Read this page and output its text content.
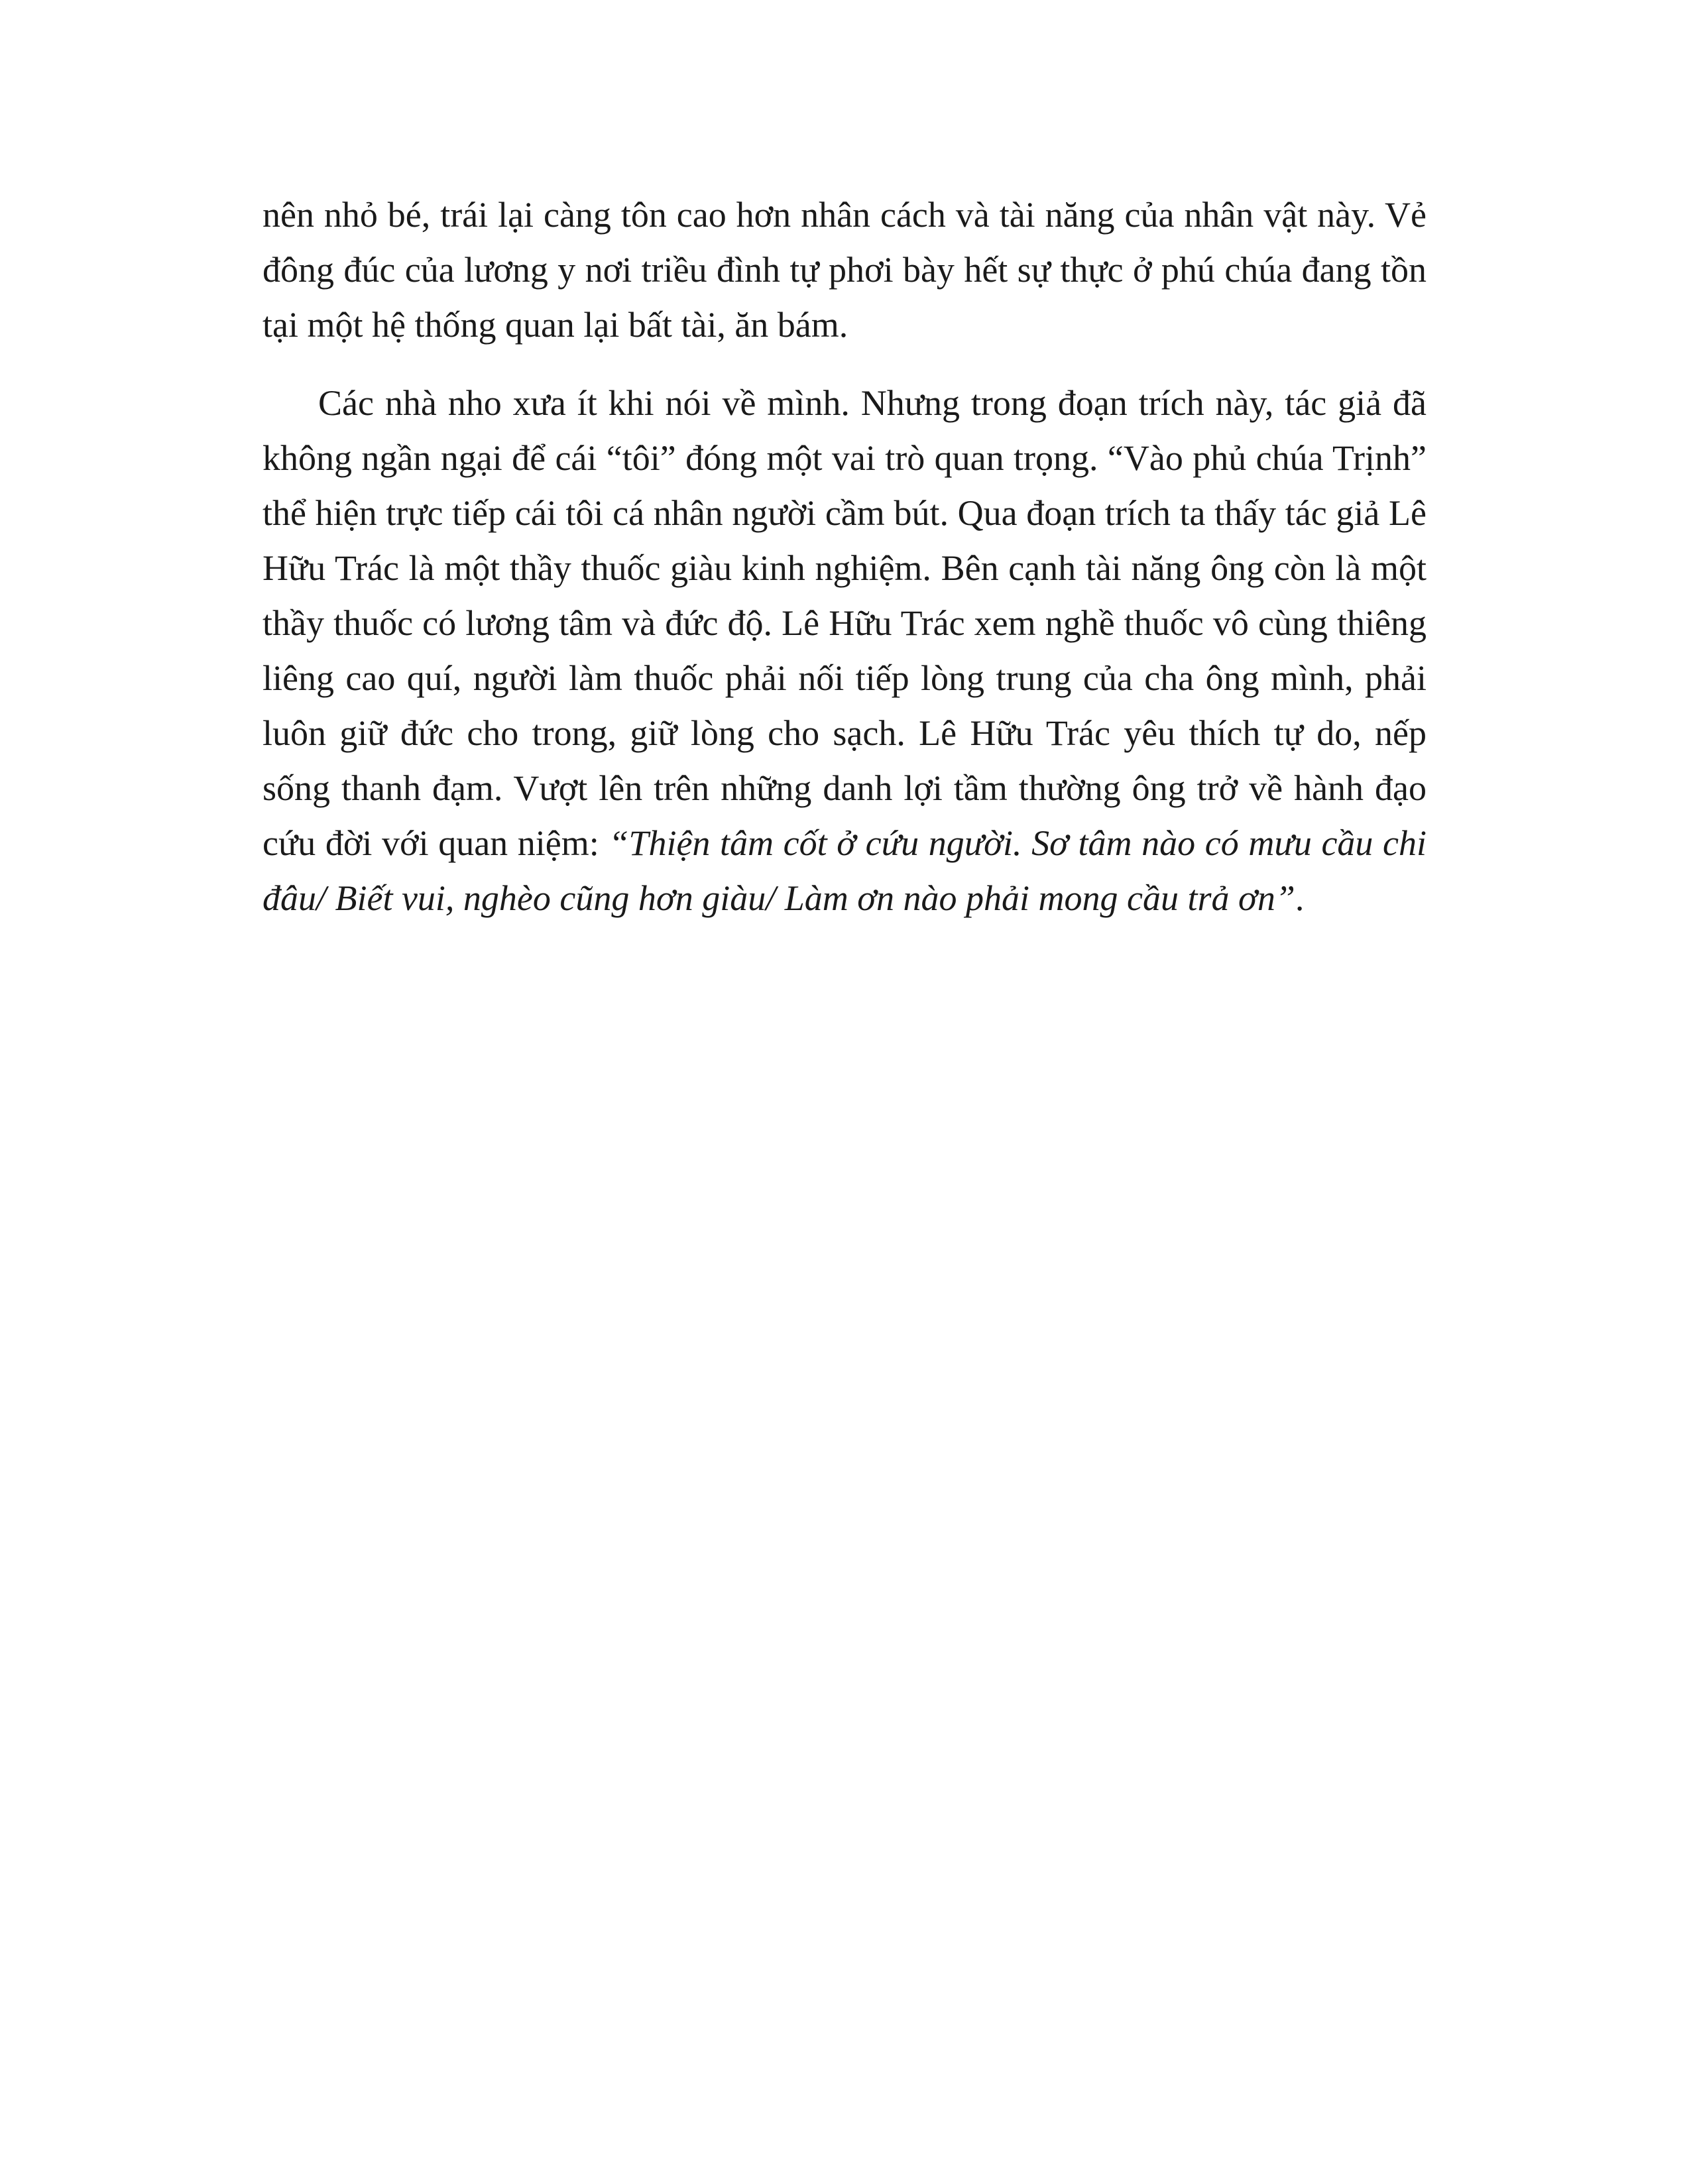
nên nhỏ bé, trái lại càng tôn cao hơn nhân cách và tài năng của nhân vật này. Vẻ
đông đúc của lương y nơi triều đình tự phơi bày hết sự thực ở phú chúa đang tồn
tại một hệ thống quan lại bất tài, ăn bám.
Các nhà nho xưa ít khi nói về mình. Nhưng trong đoạn trích này, tác giả đã
không ngần ngại để cái “tôi” đóng một vai trò quan trọng. “Vào phủ chúa Trịnh”
thể hiện trực tiếp cái tôi cá nhân người cầm bút. Qua đoạn trích ta thấy tác giả Lê
Hữu Trác là một thầy thuốc giàu kinh nghiệm. Bên cạnh tài năng ông còn là một
thầy thuốc có lương tâm và đức độ. Lê Hữu Trác xem nghề thuốc vô cùng thiêng
liêng cao quí, người làm thuốc phải nối tiếp lòng trung của cha ông mình, phải
luôn giữ đức cho trong, giữ lòng cho sạch. Lê Hữu Trác yêu thích tự do, nếp
sống thanh đạm. Vượt lên trên những danh lợi tầm thường ông trở về hành đạo
cứu đời với quan niệm: “Thiện tâm cốt ở cứu người. Sơ tâm nào có mưu cầu chi
đâu/ Biết vui, nghèo cũng hơn giàu/ Làm ơn nào phải mong cầu trả ơn”.
